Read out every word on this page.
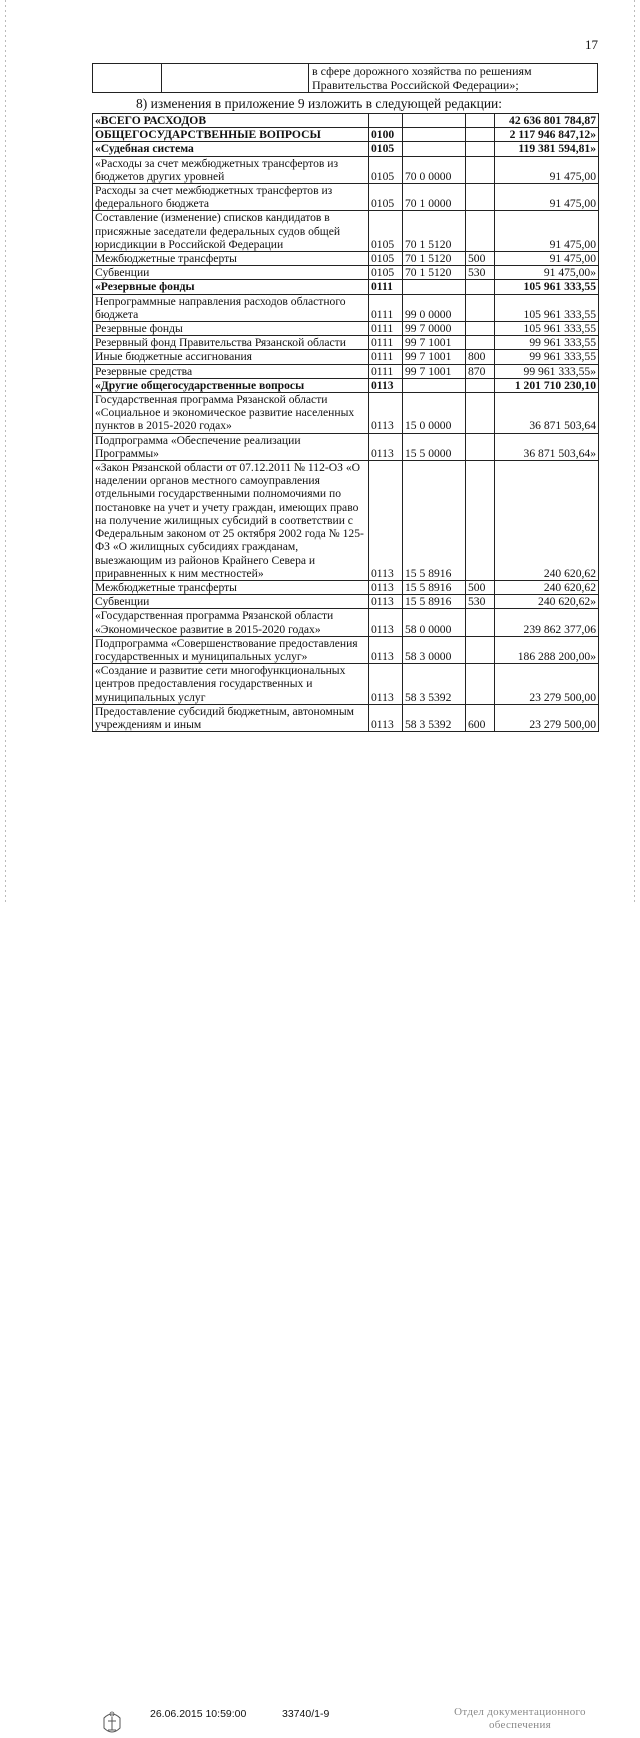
17
		в сфере дорожного хозяйства по решениям Правительства Российской Федерации»;
8) изменения в приложение 9 изложить в следующей редакции:
«ВСЕГО РАСХОДОВ				42 636 801 784,87
ОБЩЕГОСУДАРСТВЕННЫЕ ВОПРОСЫ	0100			2 117 946 847,12»
«Судебная система	0105			119 381 594,81»
«Расходы за счет межбюджетных трансфертов из бюджетов других уровней	0105	70 0 0000		91 475,00
Расходы за счет межбюджетных трансфертов из федерального бюджета	0105	70 1 0000		91 475,00
Составление (изменение) списков кандидатов в присяжные заседатели федеральных судов общей юрисдикции в Российской Федерации	0105	70 1 5120		91 475,00
Межбюджетные трансферты	0105	70 1 5120	500	91 475,00
Субвенции	0105	70 1 5120	530	91 475,00»
«Резервные фонды	0111			105 961 333,55
Непрограммные направления расходов областного бюджета	0111	99 0 0000		105 961 333,55
Резервные фонды	0111	99 7 0000		105 961 333,55
Резервный фонд Правительства Рязанской области	0111	99 7 1001		99 961 333,55
Иные бюджетные ассигнования	0111	99 7 1001	800	99 961 333,55
Резервные средства	0111	99 7 1001	870	99 961 333,55»
«Другие общегосударственные вопросы	0113			1 201 710 230,10
Государственная программа Рязанской области «Социальное и экономическое развитие населенных пунктов в 2015-2020 годах»	0113	15 0 0000		36 871 503,64
Подпрограмма «Обеспечение реализации Программы»	0113	15 5 0000		36 871 503,64»
«Закон Рязанской области от 07.12.2011 № 112-ОЗ «О наделении органов местного самоуправления отдельными государственными полномочиями по постановке на учет и учету граждан, имеющих право на получение жилищных субсидий в соответствии с Федеральным законом от 25 октября 2002 года № 125-ФЗ «О жилищных субсидиях гражданам, выезжающим из районов Крайнего Севера и приравненных к ним местностей»	0113	15 5 8916		240 620,62
Межбюджетные трансферты	0113	15 5 8916	500	240 620,62
Субвенции	0113	15 5 8916	530	240 620,62»
«Государственная программа Рязанской области «Экономическое развитие в 2015-2020 годах»	0113	58 0 0000		239 862 377,06
Подпрограмма «Совершенствование предоставления государственных и муниципальных услуг»	0113	58 3 0000		186 288 200,00»
«Создание и развитие сети многофункциональных центров предоставления государственных и муниципальных услуг	0113	58 3 5392		23 279 500,00
Предоставление субсидий бюджетным, автономным учреждениям и иным	0113	58 3 5392	600	23 279 500,00
26.06.2015 10:59:00	33740/1-9	Отдел документационного
обеспечения
